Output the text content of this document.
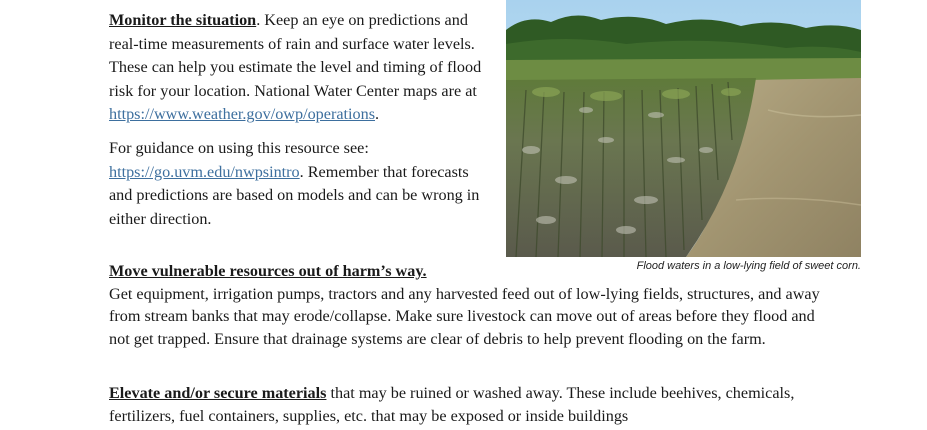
Monitor the situation. Keep an eye on predictions and real-time measurements of rain and surface water levels. These can help you estimate the level and timing of flood risk for your location. National Water Center maps are at https://www.weather.gov/owp/operations.

For guidance on using this resource see: https://go.uvm.edu/nwpsintro. Remember that forecasts and predictions are based on models and can be wrong in either direction.

Flood waters in a low-lying field of sweet corn.

Move vulnerable resources out of harm’s way.
Get equipment, irrigation pumps, tractors and any harvested feed out of low-lying fields, structures, and away from stream banks that may erode/collapse. Make sure livestock can move out of areas before they flood and not get trapped. Ensure that drainage systems are clear of debris to help prevent flooding on the farm.

Elevate and/or secure materials that may be ruined or washed away. These include beehives, chemicals, fertilizers, fuel containers, supplies, etc. that may be exposed or inside buildings
